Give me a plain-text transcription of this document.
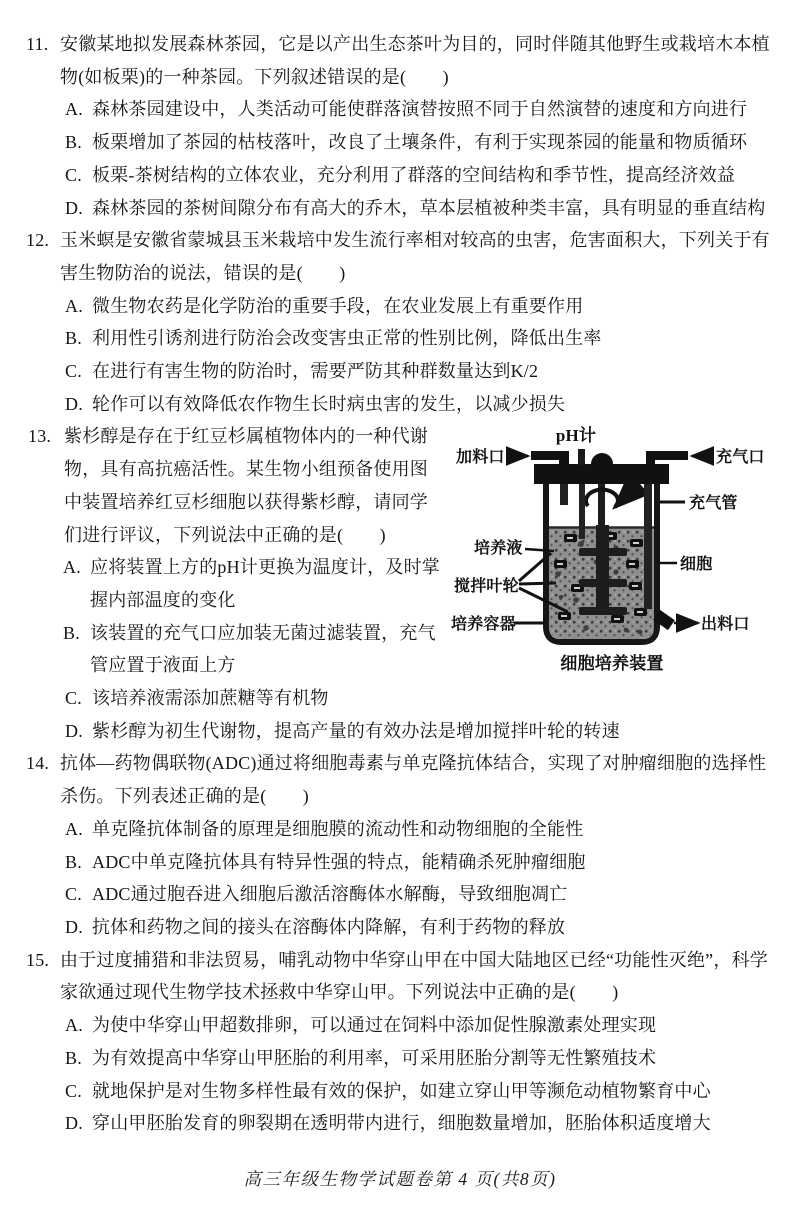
11. 安徽某地拟发展森林茶园，它是以产出生态茶叶为目的，同时伴随其他野生或栽培木本植物(如板栗)的一种茶园。下列叙述错误的是(　　)
A. 森林茶园建设中，人类活动可能使群落演替按照不同于自然演替的速度和方向进行
B. 板栗增加了茶园的枯枝落叶，改良了土壤条件，有利于实现茶园的能量和物质循环
C. 板栗-茶树结构的立体农业，充分利用了群落的空间结构和季节性，提高经济效益
D. 森林茶园的茶树间隙分布有高大的乔木，草本层植被种类丰富，具有明显的垂直结构
12. 玉米螟是安徽省蒙城县玉米栽培中发生流行率相对较高的虫害，危害面积大，下列关于有害生物防治的说法，错误的是(　　)
A. 微生物农药是化学防治的重要手段，在农业发展上有重要作用
B. 利用性引诱剂进行防治会改变害虫正常的性别比例，降低出生率
C. 在进行有害生物的防治时，需要严防其种群数量达到K/2
D. 轮作可以有效降低农作物生长时病虫害的发生，以减少损失
13. 紫杉醇是存在于红豆杉属植物体内的一种代谢物，具有高抗癌活性。某生物小组预备使用图中装置培养红豆杉细胞以获得紫杉醇，请同学们进行评议，下列说法中正确的是(　　)
A. 应将装置上方的pH计更换为温度计，及时掌握内部温度的变化
B. 该装置的充气口应加装无菌过滤装置，充气管应置于液面上方
pH计
加料口	充气口
充气管
培养液
细胞
搅拌叶轮
培养容器	出料口
细胞培养装置
C. 该培养液需添加蔗糖等有机物
D. 紫杉醇为初生代谢物，提高产量的有效办法是增加搅拌叶轮的转速
14. 抗体—药物偶联物(ADC)通过将细胞毒素与单克隆抗体结合，实现了对肿瘤细胞的选择性杀伤。下列表述正确的是(　　)
A. 单克隆抗体制备的原理是细胞膜的流动性和动物细胞的全能性
B. ADC中单克隆抗体具有特异性强的特点，能精确杀死肿瘤细胞
C. ADC通过胞吞进入细胞后激活溶酶体水解酶，导致细胞凋亡
D. 抗体和药物之间的接头在溶酶体内降解，有利于药物的释放
15. 由于过度捕猎和非法贸易，哺乳动物中华穿山甲在中国大陆地区已经“功能性灭绝”，科学家欲通过现代生物学技术拯救中华穿山甲。下列说法中正确的是(　　)
A. 为使中华穿山甲超数排卵，可以通过在饲料中添加促性腺激素处理实现
B. 为有效提高中华穿山甲胚胎的利用率，可采用胚胎分割等无性繁殖技术
C. 就地保护是对生物多样性最有效的保护，如建立穿山甲等濒危动植物繁育中心
D. 穿山甲胚胎发育的卵裂期在透明带内进行，细胞数量增加，胚胎体积适度增大
高三年级生物学试题卷第 4 页(共8页)
